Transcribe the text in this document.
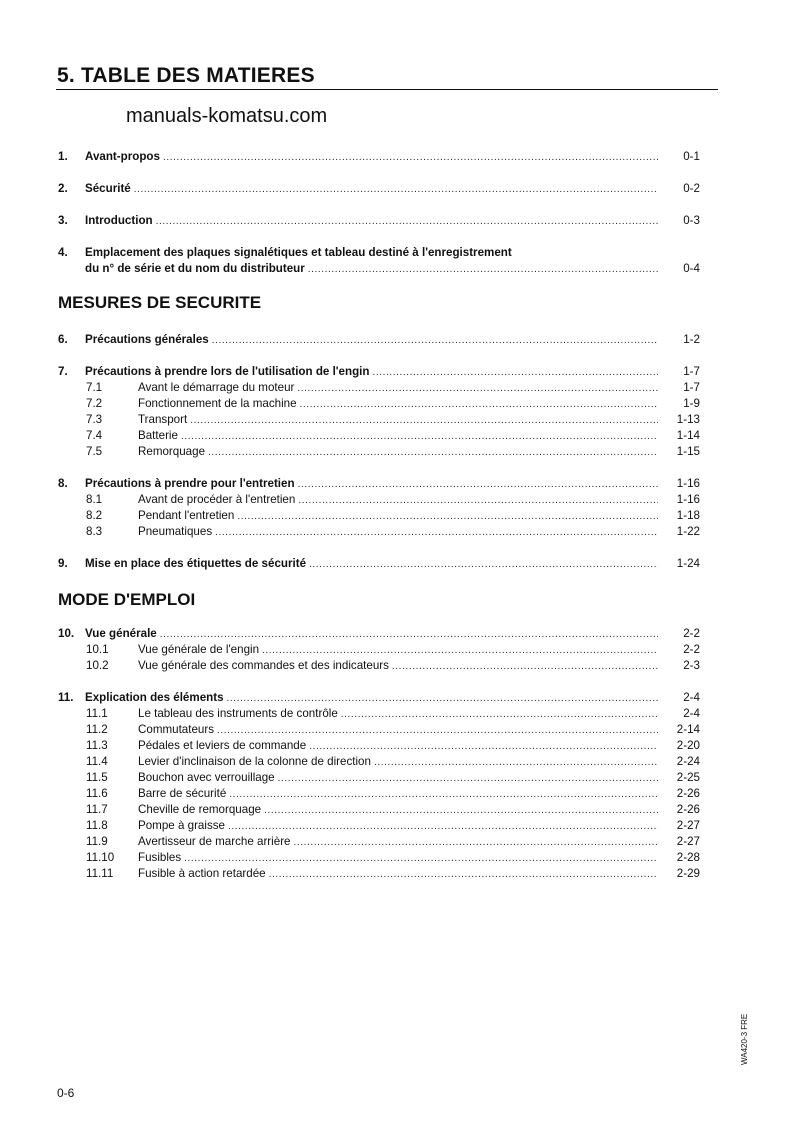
5. TABLE DES MATIERES
manuals-komatsu.com
1. Avant-propos .....	0-1
2. Sécurité .....	0-2
3. Introduction .....	0-3
4. Emplacement des plaques signalétiques et tableau destiné à l'enregistrement
du n° de série et du nom du distributeur .....	0-4
MESURES DE SECURITE
6. Précautions générales .....	1-2
7. Précautions à prendre lors de l'utilisation de l'engin .....	1-7
7.1	Avant le démarrage du moteur .....	1-7
7.2	Fonctionnement de la machine .....	1-9
7.3	Transport .....	1-13
7.4	Batterie .....	1-14
7.5	Remorquage .....	1-15
8. Précautions à prendre pour l'entretien .....	1-16
8.1	Avant de procéder à l'entretien .....	1-16
8.2	Pendant l'entretien .....	1-18
8.3	Pneumatiques .....	1-22
9. Mise en place des étiquettes de sécurité .....	1-24
MODE D'EMPLOI
10. Vue générale .....	2-2
10.1	Vue générale de l'engin .....	2-2
10.2	Vue générale des commandes et des indicateurs .....	2-3
11. Explication des éléments .....	2-4
11.1	Le tableau des instruments de contrôle .....	2-4
11.2	Commutateurs .....	2-14
11.3	Pédales et leviers de commande .....	2-20
11.4	Levier d'inclinaison de la colonne de direction .....	2-24
11.5	Bouchon avec verrouillage .....	2-25
11.6	Barre de sécurité .....	2-26
11.7	Cheville de remorquage .....	2-26
11.8	Pompe à graisse .....	2-27
11.9	Avertisseur de marche arrière .....	2-27
11.10 Fusibles .....	2-28
11.11 Fusible à action retardée .....	2-29
0-6
WA420-3 FRE
